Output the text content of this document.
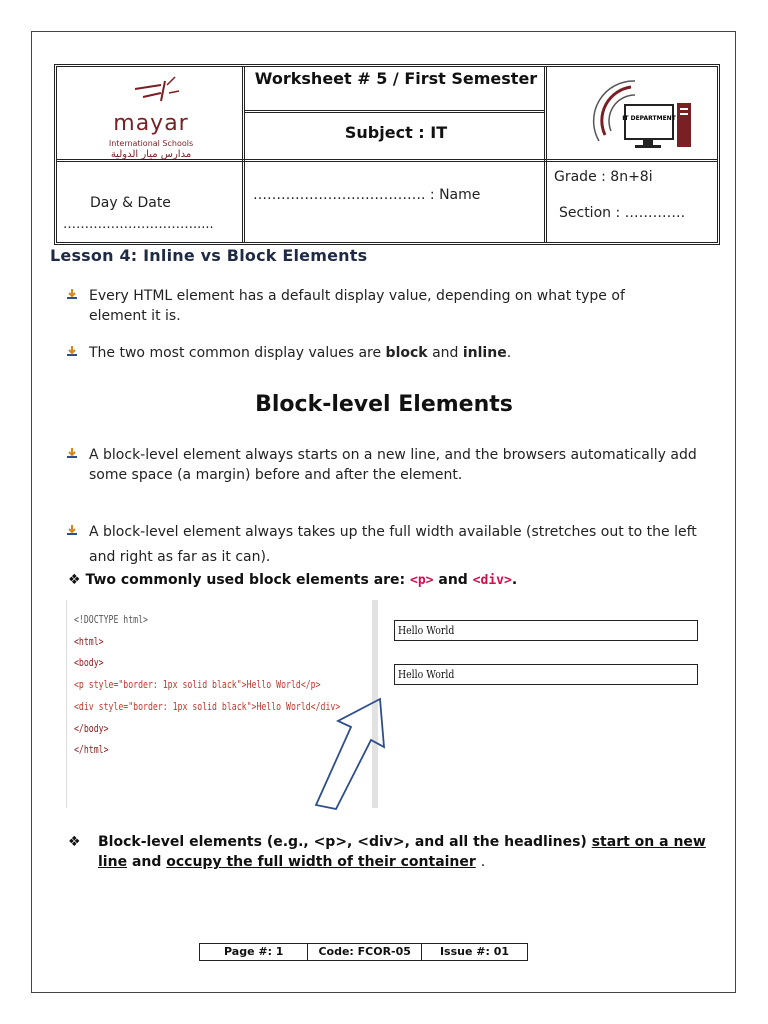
mayar
International Schools
مدارس ميار الدولية
Worksheet # 5 / First Semester
Subject : IT
IT DEPARTMENT
Day & Date
………………………….....
………………………………. : Name
Grade : 8n+8i
Section : ………….
Lesson 4: Inline vs Block Elements
Every HTML element has a default display value, depending on what type of
element it is.
The two most common display values are block and inline.
Block-level Elements
A block-level element always starts on a new line, and the browsers automatically add
some space (a margin) before and after the element.
A block-level element always takes up the full width available (stretches out to the left
and right as far as it can).
❖ Two commonly used block elements are: <p> and <div>.
<!DOCTYPE html>
<html>
<body>
<p style="border: 1px solid black">Hello World</p>
<div style="border: 1px solid black">Hello World</div>
</body>
</html>
Hello World
Hello World
❖ Block-level elements (e.g., <p>, <div>, and all the headlines) start on a new line and occupy the full width of their container .
Page #: 1	Code: FCOR-05	Issue #: 01
